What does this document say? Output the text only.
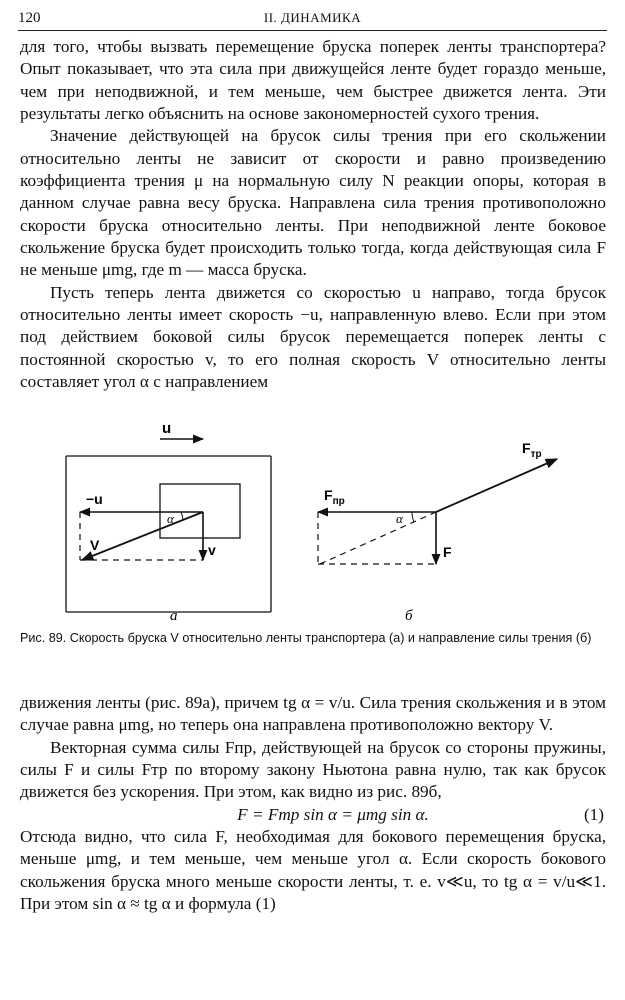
120	II. ДИНАМИКА

для того, чтобы вызвать перемещение бруска поперек ленты транспортера? Опыт показывает, что эта сила при движущейся ленте будет гораздо меньше, чем при неподвижной, и тем меньше, чем быстрее движется лента. Эти результаты легко объяснить на основе закономерностей сухого трения.

Значение действующей на брусок силы трения при его скольжении относительно ленты не зависит от скорости и равно произведению коэффициента трения μ на нормальную силу N реакции опоры, которая в данном случае равна весу бруска. Направлена сила трения противоположно скорости бруска относительно ленты. При неподвижной ленте боковое скольжение бруска будет происходить только тогда, когда действующая сила F не меньше μmg, где m — масса бруска.

Пусть теперь лента движется со скоростью u направо, тогда брусок относительно ленты имеет скорость −u, направленную влево. Если при этом под действием боковой силы брусок перемещается поперек ленты с постоянной скоростью v, то его полная скорость V относительно ленты составляет угол α с направлением

u
−u
v
V
α
а
$F_{тр}$
$F_{пр}$
F
α
б
Рис. 89. Скорость бруска V относительно ленты транспортера (а) и направление силы трения (б)

движения ленты (рис. 89а), причем tg α = v/u. Сила трения скольжения и в этом случае равна μmg, но теперь она направлена противоположно вектору V.

Векторная сумма силы Fпр, действующей на брусок со стороны пружины, силы F и силы Fтр по второму закону Ньютона равна нулю, так как брусок движется без ускорения. При этом, как видно из рис. 89б,

F = Fтр sin α = μmg sin α.	(1)

Отсюда видно, что сила F, необходимая для бокового перемещения бруска, меньше μmg, и тем меньше, чем меньше угол α. Если скорость бокового скольжения бруска много меньше скорости ленты, т. е. v≪u, то tg α = v/u≪1. При этом sin α ≈ tg α и формула (1)
